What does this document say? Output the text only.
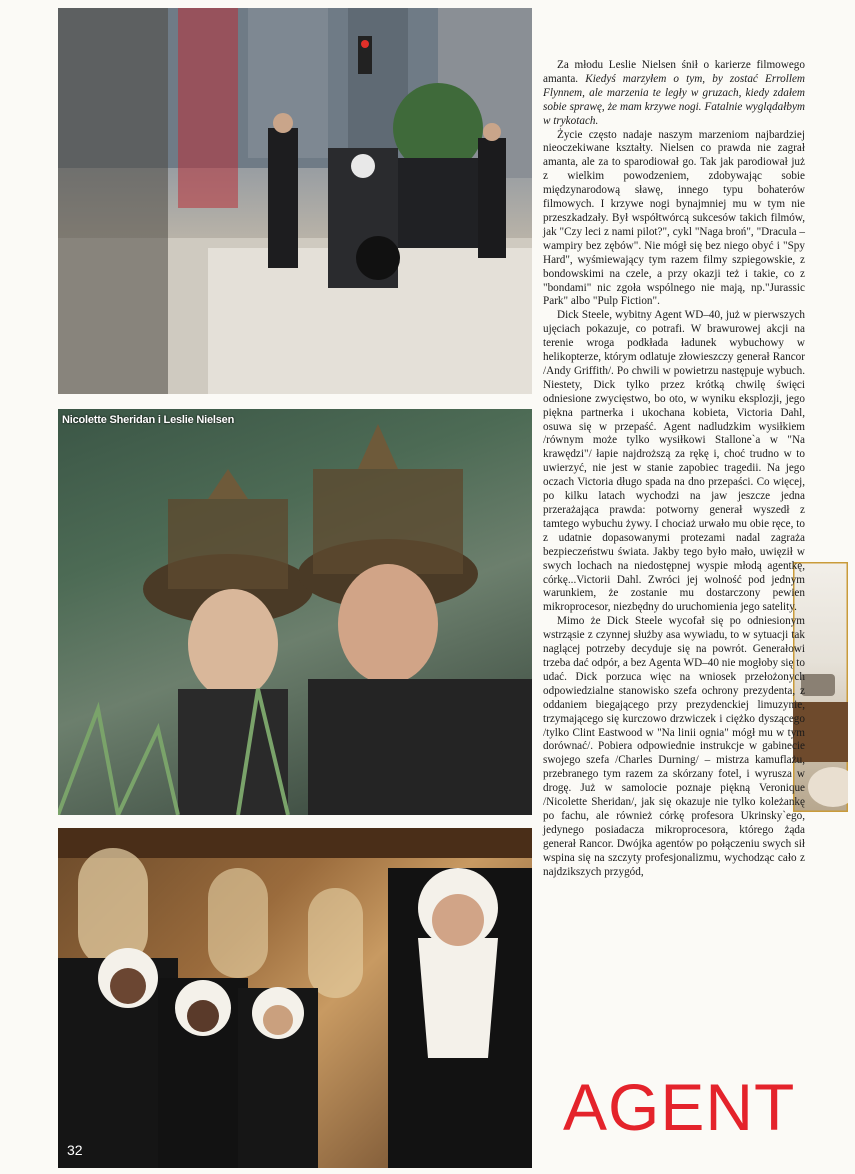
Nicolette Sheridan i Leslie Nielsen
32

Za młodu Leslie Nielsen śnił o karierze filmowego amanta. Kiedyś marzyłem o tym, by zostać Errollem Flynnem, ale marzenia te legły w gruzach, kiedy zdałem sobie sprawę, że mam krzywe nogi. Fatalnie wyglądałbym w trykotach.

Życie często nadaje naszym marzeniom najbardziej nieoczekiwane kształty. Nielsen co prawda nie zagrał amanta, ale za to sparodiował go. Tak jak parodiował już z wielkim powodzeniem, zdobywając sobie międzynarodową sławę, innego typu bohaterów filmowych. I krzywe nogi bynajmniej mu w tym nie przeszkadzały. Był współtwórcą sukcesów takich filmów, jak "Czy leci z nami pilot?", cykl "Naga broń", "Dracula – wampiry bez zębów". Nie mógł się bez niego obyć i "Spy Hard", wyśmiewający tym razem filmy szpiegowskie, z bondowskimi na czele, a przy okazji też i takie, co z "bondami" nic zgoła wspólnego nie mają, np."Jurassic Park" albo "Pulp Fiction".

Dick Steele, wybitny Agent WD–40, już w pierwszych ujęciach pokazuje, co potrafi. W brawurowej akcji na terenie wroga podkłada ładunek wybuchowy w helikopterze, którym odlatuje złowieszczy generał Rancor /Andy Griffith/. Po chwili w powietrzu następuje wybuch. Niestety, Dick tylko przez krótką chwilę święci odniesione zwycięstwo, bo oto, w wyniku eksplozji, jego piękna partnerka i ukochana kobieta, Victoria Dahl, osuwa się w przepaść. Agent nadludzkim wysiłkiem /równym może tylko wysiłkowi Stallone`a w "Na krawędzi"/ łapie najdroższą za rękę i, choć trudno w to uwierzyć, nie jest w stanie zapobiec tragedii. Na jego oczach Victoria długo spada na dno przepaści. Co więcej, po kilku latach wychodzi na jaw jeszcze jedna przerażająca prawda: potworny generał wyszedł z tamtego wybuchu żywy. I chociaż urwało mu obie ręce, to z udatnie dopasowanymi protezami nadal zagraża bezpieczeństwu świata. Jakby tego było mało, uwięził w swych lochach na niedostępnej wyspie młodą agentkę, córkę...Victorii Dahl. Zwróci jej wolność pod jednym warunkiem, że zostanie mu dostarczony pewien mikroprocesor, niezbędny do uruchomienia jego satelity.

Mimo że Dick Steele wycofał się po odniesionym wstrząsie z czynnej służby asa wywiadu, to w sytuacji tak naglącej potrzeby decyduje się na powrót. Generałowi trzeba dać odpór, a bez Agenta WD–40 nie mogłoby się to udać. Dick porzuca więc na wniosek przełożonych odpowiedzialne stanowisko szefa ochrony prezydenta, z oddaniem biegającego przy prezydenckiej limuzynie, trzymającego się kurczowo drzwiczek i ciężko dyszącego /tylko Clint Eastwood w "Na linii ognia" mógł mu w tym dorównać/. Pobiera odpowiednie instrukcje w gabinecie swojego szefa /Charles Durning/ – mistrza kamuflażu, przebranego tym razem za skórzany fotel, i wyrusza w drogę. Już w samolocie poznaje piękną Veronique /Nicolette Sheridan/, jak się okazuje nie tylko koleżankę po fachu, ale również córkę profesora Ukrinsky`ego, jedynego posiadacza mikroprocesora, którego żąda generał Rancor. Dwójka agentów po połączeniu swych sił wspina się na szczyty profesjonalizmu, wychodząc cało z najdzikszych przygód,

AGENT
